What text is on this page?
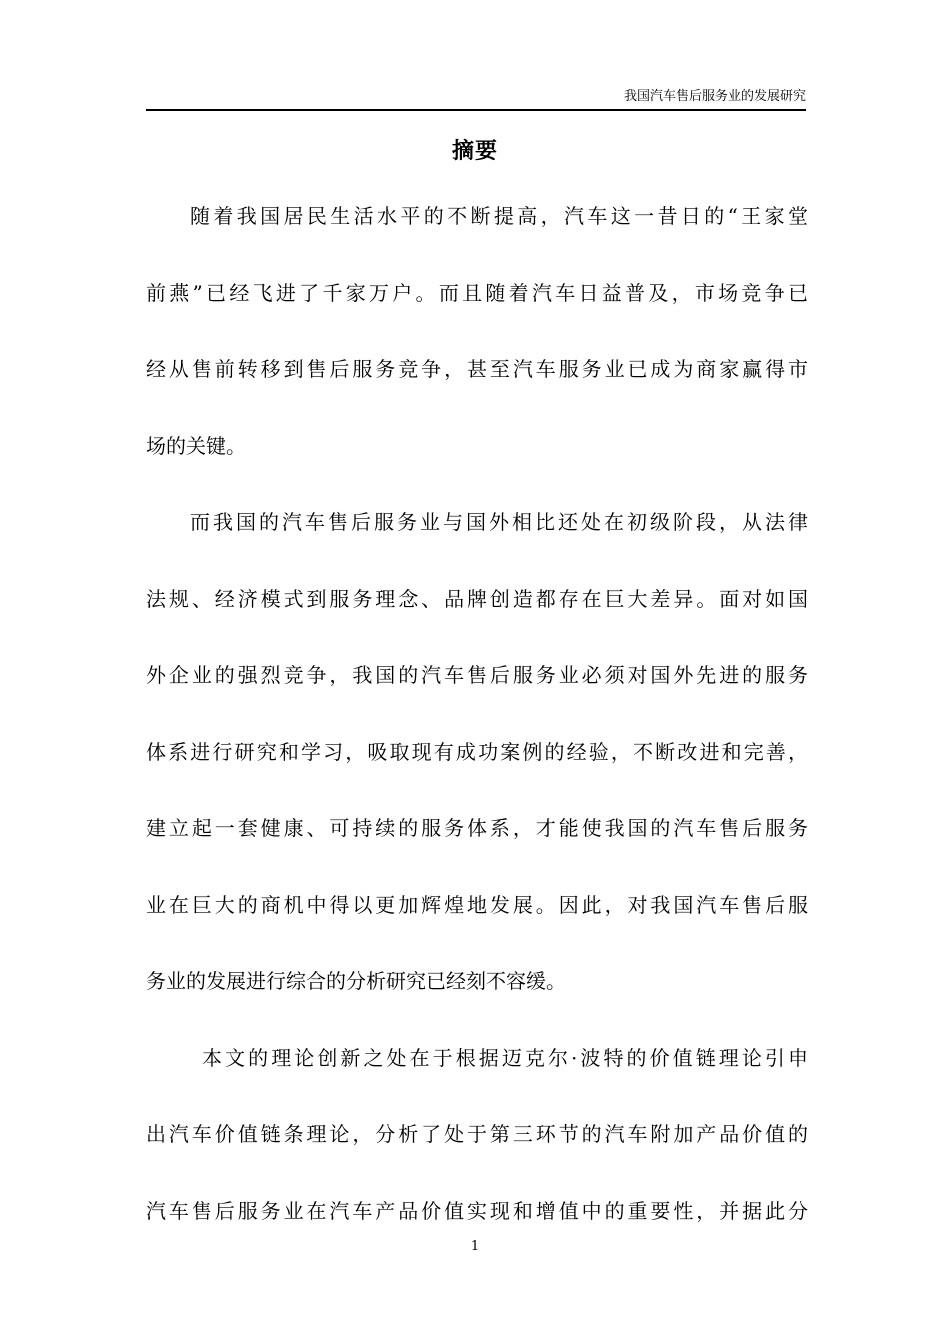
我国汽车售后服务业的发展研究
摘要
随着我国居民生活水平的不断提高，汽车这一昔日的“王家堂
前燕”已经飞进了千家万户。而且随着汽车日益普及，市场竞争已
经从售前转移到售后服务竞争，甚至汽车服务业已成为商家赢得市
场的关键。
而我国的汽车售后服务业与国外相比还处在初级阶段，从法律
法规、经济模式到服务理念、品牌创造都存在巨大差异。面对如国
外企业的强烈竞争，我国的汽车售后服务业必须对国外先进的服务
体系进行研究和学习，吸取现有成功案例的经验，不断改进和完善，
建立起一套健康、可持续的服务体系，才能使我国的汽车售后服务
业在巨大的商机中得以更加辉煌地发展。因此，对我国汽车售后服
务业的发展进行综合的分析研究已经刻不容缓。
本文的理论创新之处在于根据迈克尔·波特的价值链理论引申
出汽车价值链条理论，分析了处于第三环节的汽车附加产品价值的
汽车售后服务业在汽车产品价值实现和增值中的重要性，并据此分
1
